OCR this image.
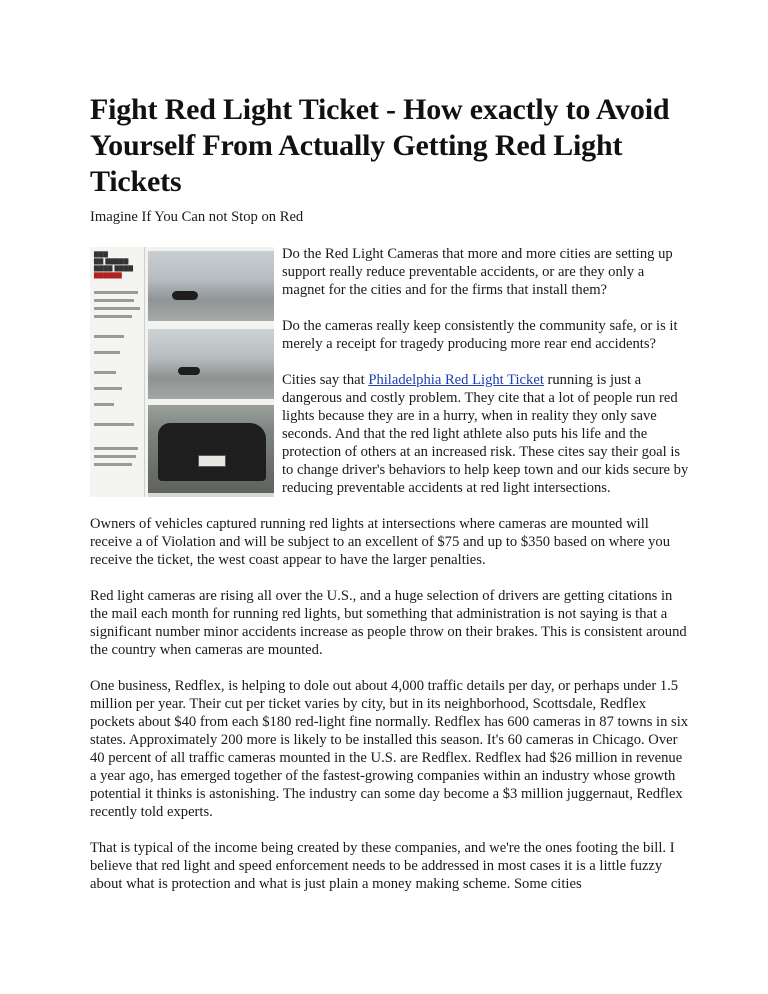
Fight Red Light Ticket - How exactly to Avoid Yourself From Actually Getting Red Light Tickets

Imagine If You Can not Stop on Red

▇▇▇
▇▇ ▇▇▇▇▇
▇▇▇▇ ▇▇▇▇
▇▇▇▇▇▇

Do the Red Light Cameras that more and more cities are setting up support really reduce preventable accidents, or are they only a magnet for the cities and for the firms that install them?

Do the cameras really keep consistently the community safe, or is it merely a receipt for tragedy producing more rear end accidents?

Cities say that Philadelphia Red Light Ticket running is just a dangerous and costly problem. They cite that a lot of people run red lights because they are in a hurry, when in reality they only save seconds. And that the red light athlete also puts his life and the protection of others at an increased risk. These cites say their goal is to change driver's behaviors to help keep town and our kids secure by reducing preventable accidents at red light intersections.

Owners of vehicles captured running red lights at intersections where cameras are mounted will receive a of Violation and will be subject to an excellent of $75 and up to $350 based on where you receive the ticket, the west coast appear to have the larger penalties.

Red light cameras are rising all over the U.S., and a huge selection of drivers are getting citations in the mail each month for running red lights, but something that administration is not saying is that a significant number minor accidents increase as people throw on their brakes. This is consistent around the country when cameras are mounted.

One business, Redflex, is helping to dole out about 4,000 traffic details per day, or perhaps under 1.5 million per year. Their cut per ticket varies by city, but in its neighborhood, Scottsdale, Redflex pockets about $40 from each $180 red-light fine normally. Redflex has 600 cameras in 87 towns in six states. Approximately 200 more is likely to be installed this season. It's 60 cameras in Chicago. Over 40 percent of all traffic cameras mounted in the U.S. are Redflex. Redflex had $26 million in revenue a year ago, has emerged together of the fastest-growing companies within an industry whose growth potential it thinks is astonishing. The industry can some day become a $3 million juggernaut, Redflex recently told experts.

That is typical of the income being created by these companies, and we're the ones footing the bill. I believe that red light and speed enforcement needs to be addressed in most cases it is a little fuzzy about what is protection and what is just plain a money making scheme. Some cities
